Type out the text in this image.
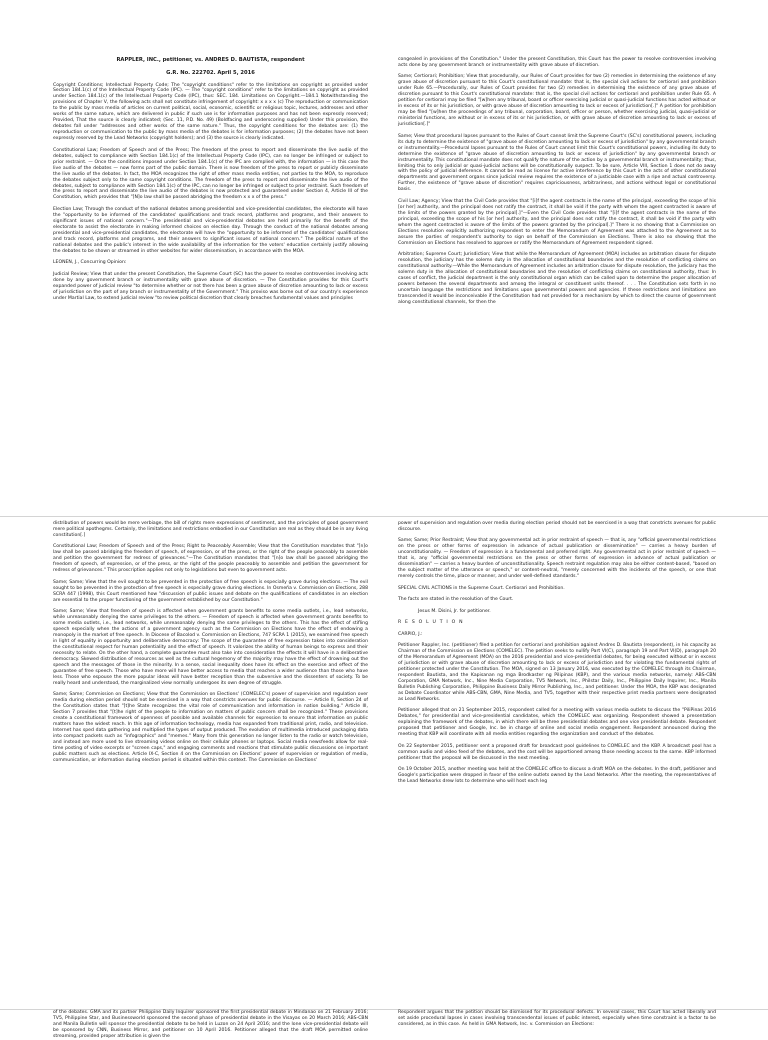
RAPPLER, INC., petitioner, vs. ANDRES D. BAUTISTA, respondent

G.R. No. 222702. April 5, 2016

Copyright Conditions; Intellectual Property Code; The "copyright conditions" refer to the limitations on copyright as provided under Section 184.1(c) of the Intellectual Property Code (IPC). — The "copyright conditions" refer to the limitations on copyright as provided under Section 184.1(c) of the Intellectual Property Code (IPC), thus: SEC. 184. Limitations on Copyright.—184.1 Notwithstanding the provisions of Chapter V, the following acts shall not constitute infringement of copyright: x x x x (c) The reproduction or communication to the public by mass media of articles on current political, social, economic, scientific or religious topic, lectures, addresses and other works of the same nature, which are delivered in public if such use is for information purposes and has not been expressly reserved; Provided, That the source is clearly indicated; (Sec. 11, P.D. No. 49) (Boldfacing and underscoring supplied) Under this provision, the debates fall under "addresses and other works of the same nature." Thus, the copyright conditions for the debates are: (1) the reproduction or communication to the public by mass media of the debates is for information purposes; (2) the debates have not been expressly reserved by the Lead Networks (copyright holders); and (3) the source is clearly indicated.

Constitutional Law; Freedom of Speech and of the Press; The freedom of the press to report and disseminate the live audio of the debates, subject to compliance with Section 184.1(c) of the Intellectual Property Code (IPC), can no longer be infringed or subject to prior restraint. — Once the conditions imposed under Section 184.1(c) of the IPC are complied with, the information — in this case the live audio of the debates — now forms part of the public domain. There is now freedom of the press to report or publicly disseminate the live audio of the debates. In fact, the MOA recognizes the right of other mass media entities, not parties to the MOA, to reproduce the debates subject only to the same copyright conditions. The freedom of the press to report and disseminate the live audio of the debates, subject to compliance with Section 184.1(c) of the IPC, can no longer be infringed or subject to prior restraint. Such freedom of the press to report and disseminate the live audio of the debates is now protected and guaranteed under Section 4, Article III of the Constitution, which provides that "[N]o law shall be passed abridging the freedom x x x of the press."

Election Law; Through the conduct of the national debates among presidential and vice-presidential candidates, the electorate will have the "opportunity to be informed of the candidates' qualifications and track record, platforms and programs, and their answers to significant issues of national concern."—The presidential and vice-presidential debates are held primarily for the benefit of the electorate to assist the electorate in making informed choices on election day. Through the conduct of the national debates among presidential and vice-presidential candidates, the electorate will have the "opportunity to be informed of the candidates' qualifications and track record, platforms and programs, and their answers to significant issues of national concern." The political nature of the national debates and the public's interest in the wide availability of the information for the voters' education certainly justify allowing the debates to be shown or streamed in other websites for wider dissemination, in accordance with the MOA.

LEONEN, J., Concurring Opinion:

Judicial Review; View that under the present Constitution, the Supreme Court (SC) has the power to resolve controversies involving acts done by any government branch or instrumentality with grave abuse of discretion. — The Constitution provides for this Court's expanded power of judicial review "to determine whether or not there has been a grave abuse of discretion amounting to lack or excess of jurisdiction on the part of any branch or instrumentality of the Government." This proviso was borne out of our country's experience under Martial Law, to extend judicial review "to review political discretion that clearly breaches fundamental values and principles

congealed in provisions of the Constitution." Under the present Constitution, this Court has the power to resolve controversies involving acts done by any government branch or instrumentality with grave abuse of discretion.

Same; Certiorari; Prohibition; View that procedurally, our Rules of Court provides for two (2) remedies in determining the existence of any grave abuse of discretion pursuant to this Court's constitutional mandate: that is, the special civil actions for certiorari and prohibition under Rule 65.—Procedurally, our Rules of Court provides for two (2) remedies in determining the existence of any grave abuse of discretion pursuant to this Court's constitutional mandate: that is, the special civil actions for certiorari and prohibition under Rule 65. A petition for certiorari may be filed "[w]hen any tribunal, board or officer exercising judicial or quasi-judicial functions has acted without or in excess of its or his jurisdiction, or with grave abuse of discretion amounting to lack or excess of jurisdiction[.]" A petition for prohibition may be filed "[w]hen the proceedings of any tribunal, corporation, board, officer or person, whether exercising judicial, quasi-judicial or ministerial functions, are without or in excess of its or his jurisdiction, or with grave abuse of discretion amounting to lack or excess of jurisdiction[.]"

Same; View that procedural lapses pursuant to the Rules of Court cannot limit the Supreme Court's (SC's) constitutional powers, including its duty to determine the existence of "grave abuse of discretion amounting to lack or excess of jurisdiction" by any governmental branch or instrumentality.—Procedural lapses pursuant to the Rules of Court cannot limit this Court's constitutional powers, including its duty to determine the existence of "grave abuse of discretion amounting to lack or excess of jurisdiction" by any governmental branch or instrumentality. This constitutional mandate does not qualify the nature of the action by a governmental branch or instrumentality; thus, limiting this to only judicial or quasi-judicial actions will be constitutionally suspect. To be sure, Article VIII, Section 1 does not do away with the policy of judicial deference. It cannot be read as license for active interference by this Court in the acts of other constitutional departments and government organs since judicial review requires the existence of a justiciable case with a ripe and actual controversy. Further, the existence of "grave abuse of discretion" requires capriciousness, arbitrariness, and actions without legal or constitutional basis.

Civil Law; Agency; View that the Civil Code provides that "[i]f the agent contracts in the name of the principal, exceeding the scope of his [or her] authority, and the principal does not ratify the contract, it shall be void if the party with whom the agent contracted is aware of the limits of the powers granted by the principal[.]"—Even the Civil Code provides that "[i]f the agent contracts in the name of the principal, exceeding the scope of his [or her] authority, and the principal does not ratify the contract, it shall be void if the party with whom the agent contracted is aware of the limits of the powers granted by the principal[.]" There is no showing that a Commission on Elections resolution explicitly authorizing respondent to enter the Memorandum of Agreement was attached to the Agreement as to assure the parties of respondent's authority to sign on behalf of the Commission on Elections. There is also no showing that the Commission on Elections has resolved to approve or ratify the Memorandum of Agreement respondent signed.

Arbitration; Supreme Court; Jurisdiction; View that while the Memorandum of Agreement (MOA) includes an arbitration clause for dispute resolution, the judiciary has the solemn duty in the allocation of constitutional boundaries and the resolution of conflicting claims on constitutional authority.—While the Memorandum of Agreement includes an arbitration clause for dispute resolution, the judiciary has the solemn duty in the allocation of constitutional boundaries and the resolution of conflicting claims on constitutional authority, thus: In cases of conflict, the judicial department is the only constitutional organ which can be called upon to determine the proper allocation of powers between the several departments and among the integral or constituent units thereof. . . . The Constitution sets forth in no uncertain language the restrictions and limitations upon governmental powers and agencies. If these restrictions and limitations are transcended it would be inconceivable if the Constitution had not provided for a mechanism by which to direct the course of government along constitutional channels, for then the

distribution of powers would be mere verbiage, the bill of rights mere expressions of sentiment, and the principles of good government mere political apothegms. Certainly, the limitations and restrictions embodied in our Constitution are real as they should be in any living constitution[.]

Constitutional Law; Freedom of Speech and of the Press; Right to Peaceably Assemble; View that the Constitution mandates that "[n]o law shall be passed abridging the freedom of speech, of expression, or of the press, or the right of the people peaceably to assemble and petition the government for redress of grievances."—The Constitution mandates that "[n]o law shall be passed abridging the freedom of speech, of expression, or of the press, or the right of the people peaceably to assemble and petition the government for redress of grievances." This proscription applies not only to legislations but even to government acts.

Same; Same; View that the evil sought to be prevented in the protection of free speech is especially grave during elections. — The evil sought to be prevented in the protection of free speech is especially grave during elections. In Osmeña v. Commission on Elections, 288 SCRA 447 (1998), this Court mentioned how "discussion of public issues and debate on the qualifications of candidates in an election are essential to the proper functioning of the government established by our Constitution."

Same; Same; View that freedom of speech is affected when government grants benefits to some media outlets, i.e., lead networks, while unreasonably denying the same privileges to the others. — Freedom of speech is affected when government grants benefits to some media outlets, i.e., lead networks, while unreasonably denying the same privileges to the others. This has the effect of stifling speech especially when the actions of a government agency such as the Commission on Elections have the effect of endowing a monopoly in the market of free speech. In Diocese of Bacolod v. Commission on Elections, 747 SCRA 1 (2015), we examined free speech in light of equality in opportunity and deliberative democracy: The scope of the guarantee of free expression takes into consideration the constitutional respect for human potentiality and the effect of speech. It valorizes the ability of human beings to express and their necessity to relate. On the other hand, a complete guarantee must also take into consideration the effects it will have in a deliberative democracy. Skewed distribution of resources as well as the cultural hegemony of the majority may have the effect of drowning out the speech and the messages of those in the minority. In a sense, social inequality does have its effect on the exercise and effect of the guarantee of free speech. Those who have more will have better access to media that reaches a wider audience than those who have less. Those who espouse the more popular ideas will have better reception than the subversive and the dissenters of society. To be really heard and understood, the marginalized view normally undergoes its own degree of struggle.

Same; Same; Commission on Elections; View that the Commission on Elections' (COMELEC's) power of supervision and regulation over media during election period should not be exercised in a way that constricts avenues for public discourse. — Article II, Section 24 of the Constitution states that "[t]he State recognizes the vital role of communication and information in nation building." Article III, Section 7 provides that "[t]he right of the people to information on matters of public concern shall be recognized." These provisions create a constitutional framework of openness of possible and available channels for expression to ensure that information on public matters have the widest reach. In this age of information technology, media has expanded from traditional print, radio, and television. Internet has sped data gathering and multiplied the types of output produced. The evolution of multimedia introduced packaging data into compact packets such as "infographics" and "memes." Many from this generation no longer listen to the radio or watch television, and instead are more used to live streaming videos online on their cellular phones or laptops. Social media newsfeeds allow for real-time posting of video excerpts or "screen caps," and engaging comments and reactions that stimulate public discussions on important public matters such as elections. Article IX-C, Section 4 on the Commission on Elections' power of supervision or regulation of media, communication, or information during election period is situated within this context. The Commission on Elections'

power of supervision and regulation over media during election period should not be exercised in a way that constricts avenues for public discourse.

Same; Same; Prior Restraint; View that any governmental act in prior restraint of speech — that is, any "official governmental restrictions on the press or other forms of expression in advance of actual publication or dissemination" — carries a heavy burden of unconstitutionality. — Freedom of expression is a fundamental and preferred right. Any governmental act in prior restraint of speech — that is, any "official governmental restrictions on the press or other forms of expression in advance of actual publication or dissemination" — carries a heavy burden of unconstitutionality. Speech restraint regulation may also be either content-based, "based on the subject matter of the utterance or speech," or content-neutral, "merely concerned with the incidents of the speech, or one that merely controls the time, place or manner, and under well-defined standards."

SPECIAL CIVIL ACTIONS in the Supreme Court. Certiorari and Prohibition.

The facts are stated in the resolution of the Court.

Jesus M. Disini, Jr. for petitioner.

R E S O L U T I O N

CARPIO, J.:

Petitioner Rappler, Inc. (petitioner) filed a petition for certiorari and prohibition against Andres D. Bautista (respondent), in his capacity as Chairman of the Commission on Elections (COMELEC). The petition seeks to nullify Part VI(C), paragraph 19 and Part VI(D), paragraph 20 of the Memorandum of Agreement (MOA) on the 2016 presidential and vice-presidential debates, for being executed without or in excess of jurisdiction or with grave abuse of discretion amounting to lack or excess of jurisdiction and for violating the fundamental rights of petitioner protected under the Constitution. The MOA, signed on 13 January 2016, was executed by the COMELEC through its Chairman, respondent Bautista, and the Kapisanan ng mga Brodkaster ng Pilipinas (KBP), and the various media networks, namely: ABS-CBN Corporation, GMA Network, Inc., Nine Media Corporation, TV5 Network, Inc., Philstar Daily, Inc., Philippine Daily Inquirer, Inc., Manila Bulletin Publishing Corporation, Philippine Business Daily Mirror Publishing, Inc., and petitioner. Under the MOA, the KBP was designated as Debate Coordinator while ABS-CBN, GMA, Nine Media, and TV5, together with their respective print media partners were designated as Lead Networks.

Petitioner alleged that on 21 September 2015, respondent called for a meeting with various media outlets to discuss the "PiliPinas 2016 Debates," for presidential and vice-presidential candidates, which the COMELEC was organizing. Respondent showed a presentation explaining the framework of the debates, in which there will be three presidential debates and one vice presidential debate. Respondent proposed that petitioner and Google, Inc. be in charge of online and social media engagement. Respondent announced during the meeting that KBP will coordinate with all media entities regarding the organization and conduct of the debates.

On 22 September 2015, petitioner sent a proposed draft for broadcast pool guidelines to COMELEC and the KBP. A broadcast pool has a common audio and video feed of the debates, and the cost will be apportioned among those needing access to the same. KBP informed petitioner that the proposal will be discussed in the next meeting.

On 19 October 2015, another meeting was held at the COMELEC office to discuss a draft MOA on the debates. In the draft, petitioner and Google's participation were dropped in favor of the online outlets owned by the Lead Networks. After the meeting, the representatives of the Lead Networks drew lots to determine who will host each leg

of the debates. GMA and its partner Philippine Daily Inquirer sponsored the first presidential debate in Mindanao on 21 February 2016; TV5, Philippine Star, and Businessworld sponsored the second phase of presidential debate in the Visayas on 20 March 2016; ABS-CBN and Manila Bulletin will sponsor the presidential debate to be held in Luzon on 24 April 2016; and the lone vice-presidential debate will be sponsored by CNN, Business Mirror, and petitioner on 10 April 2016. Petitioner alleged that the draft MOA permitted online streaming, provided proper attribution is given the

Respondent argues that the petition should be dismissed for its procedural defects. In several cases, this Court has acted liberally and set aside procedural lapses in cases involving transcendental issues of public interest, especially when time constraint is a factor to be considered, as in this case. As held in GMA Network, Inc. v. Commission on Elections:
